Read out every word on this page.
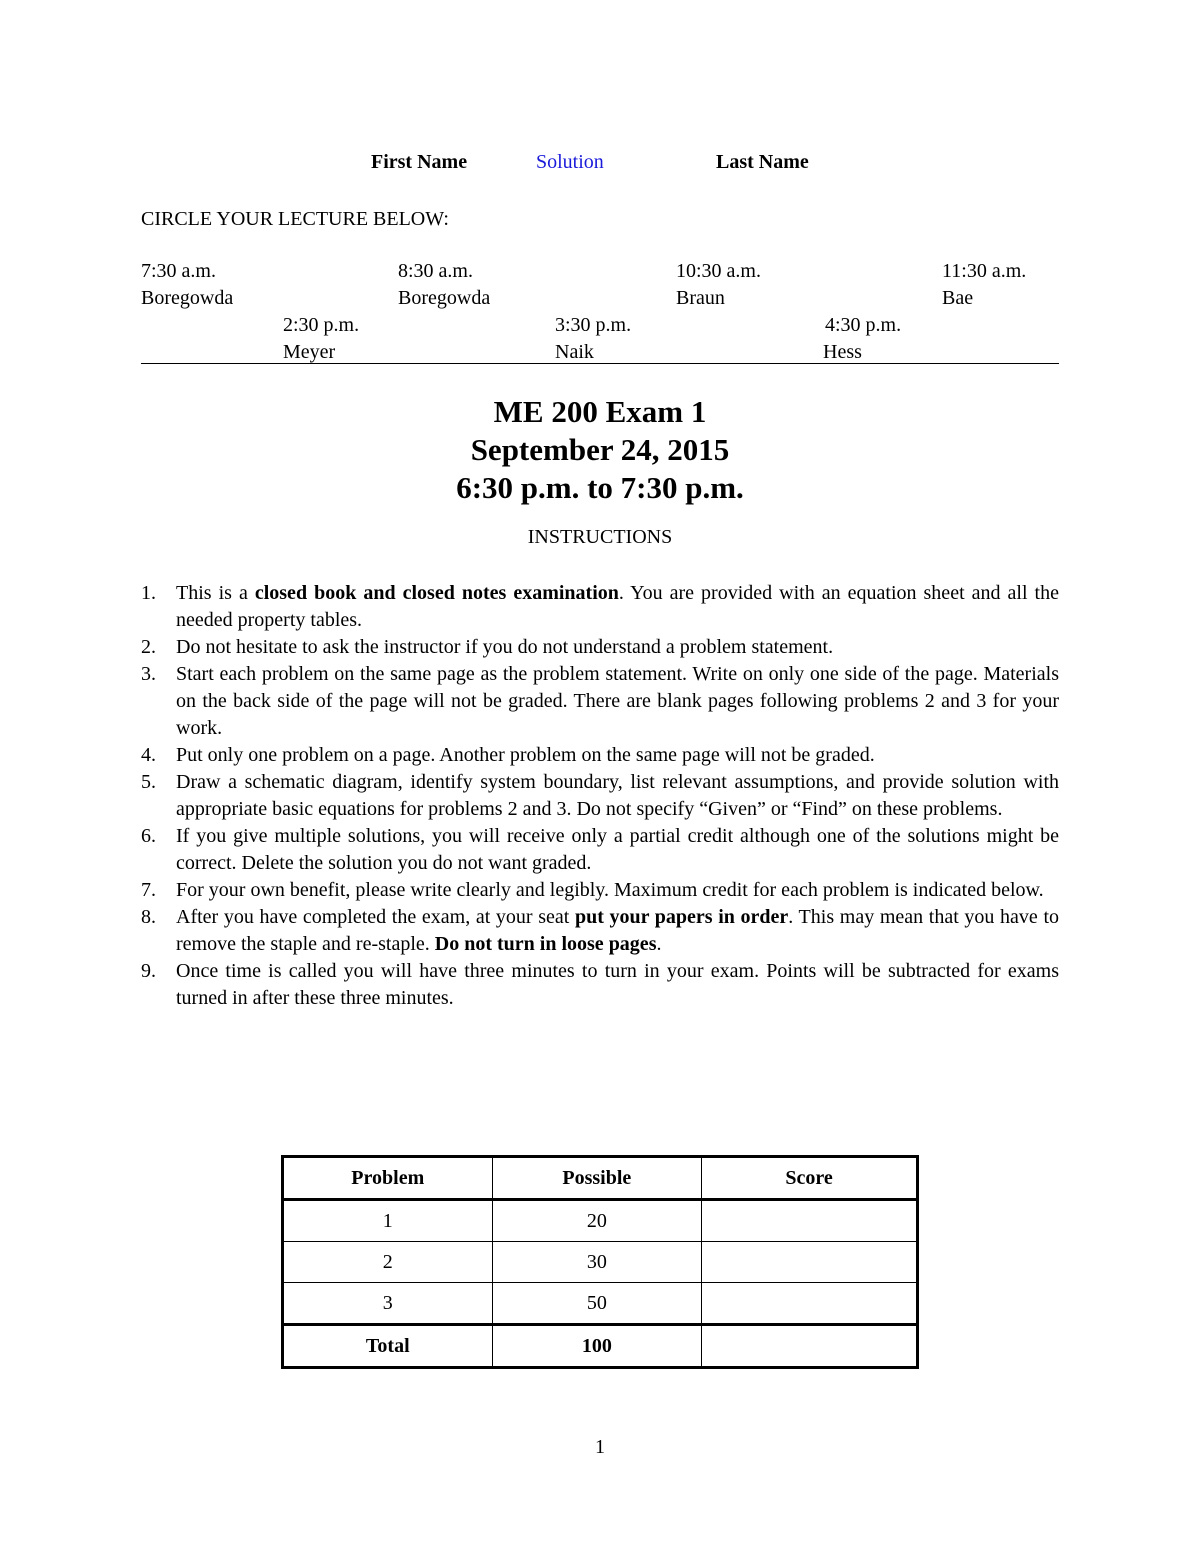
First Name	Solution	Last Name
CIRCLE YOUR LECTURE BELOW:
7:30 a.m.
Boregowda
8:30 a.m.
Boregowda
10:30 a.m.
Braun
11:30 a.m.
Bae
2:30 p.m.
Meyer
3:30 p.m.
Naik
4:30 p.m.
Hess
ME 200 Exam 1
September 24, 2015
6:30 p.m. to 7:30 p.m.
INSTRUCTIONS
1. This is a closed book and closed notes examination. You are provided with an equation sheet and all the needed property tables.
2. Do not hesitate to ask the instructor if you do not understand a problem statement.
3. Start each problem on the same page as the problem statement. Write on only one side of the page. Materials on the back side of the page will not be graded. There are blank pages following problems 2 and 3 for your work.
4. Put only one problem on a page. Another problem on the same page will not be graded.
5. Draw a schematic diagram, identify system boundary, list relevant assumptions, and provide solution with appropriate basic equations for problems 2 and 3. Do not specify “Given” or “Find” on these problems.
6. If you give multiple solutions, you will receive only a partial credit although one of the solutions might be correct. Delete the solution you do not want graded.
7. For your own benefit, please write clearly and legibly. Maximum credit for each problem is indicated below.
8. After you have completed the exam, at your seat put your papers in order. This may mean that you have to remove the staple and re-staple. Do not turn in loose pages.
9. Once time is called you will have three minutes to turn in your exam. Points will be subtracted for exams turned in after these three minutes.
Problem	Possible	Score
1	20	
2	30	
3	50	
Total	100	
1
